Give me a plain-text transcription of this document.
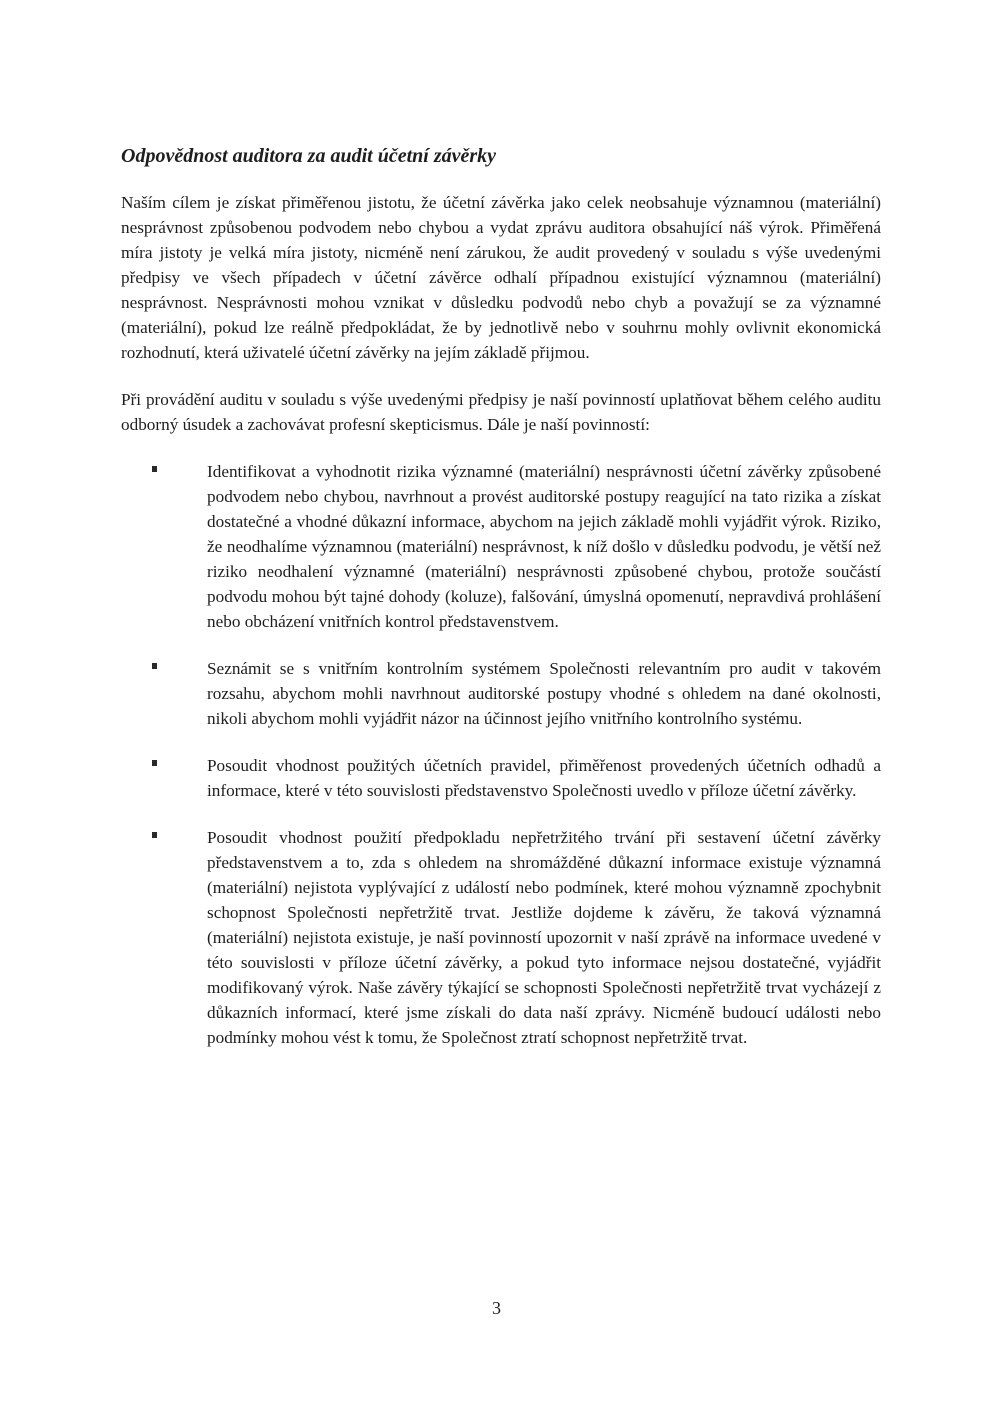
Odpovědnost auditora za audit účetní závěrky

Naším cílem je získat přiměřenou jistotu, že účetní závěrka jako celek neobsahuje významnou (materiální) nesprávnost způsobenou podvodem nebo chybou a vydat zprávu auditora obsahující náš výrok. Přiměřená míra jistoty je velká míra jistoty, nicméně není zárukou, že audit provedený v souladu s výše uvedenými předpisy ve všech případech v účetní závěrce odhalí případnou existující významnou (materiální) nesprávnost. Nesprávnosti mohou vznikat v důsledku podvodů nebo chyb a považují se za významné (materiální), pokud lze reálně předpokládat, že by jednotlivě nebo v souhrnu mohly ovlivnit ekonomická rozhodnutí, která uživatelé účetní závěrky na jejím základě přijmou.

Při provádění auditu v souladu s výše uvedenými předpisy je naší povinností uplatňovat během celého auditu odborný úsudek a zachovávat profesní skepticismus. Dále je naší povinností:

Identifikovat a vyhodnotit rizika významné (materiální) nesprávnosti účetní závěrky způsobené podvodem nebo chybou, navrhnout a provést auditorské postupy reagující na tato rizika a získat dostatečné a vhodné důkazní informace, abychom na jejich základě mohli vyjádřit výrok. Riziko, že neodhalíme významnou (materiální) nesprávnost, k níž došlo v důsledku podvodu, je větší než riziko neodhalení významné (materiální) nesprávnosti způsobené chybou, protože součástí podvodu mohou být tajné dohody (koluze), falšování, úmyslná opomenutí, nepravdivá prohlášení nebo obcházení vnitřních kontrol představenstvem.
Seznámit se s vnitřním kontrolním systémem Společnosti relevantním pro audit v takovém rozsahu, abychom mohli navrhnout auditorské postupy vhodné s ohledem na dané okolnosti, nikoli abychom mohli vyjádřit názor na účinnost jejího vnitřního kontrolního systému.
Posoudit vhodnost použitých účetních pravidel, přiměřenost provedených účetních odhadů a informace, které v této souvislosti představenstvo Společnosti uvedlo v příloze účetní závěrky.
Posoudit vhodnost použití předpokladu nepřetržitého trvání při sestavení účetní závěrky představenstvem a to, zda s ohledem na shromážděné důkazní informace existuje významná (materiální) nejistota vyplývající z událostí nebo podmínek, které mohou významně zpochybnit schopnost Společnosti nepřetržitě trvat. Jestliže dojdeme k závěru, že taková významná (materiální) nejistota existuje, je naší povinností upozornit v naší zprávě na informace uvedené v této souvislosti v příloze účetní závěrky, a pokud tyto informace nejsou dostatečné, vyjádřit modifikovaný výrok. Naše závěry týkající se schopnosti Společnosti nepřetržitě trvat vycházejí z důkazních informací, které jsme získali do data naší zprávy. Nicméně budoucí události nebo podmínky mohou vést k tomu, že Společnost ztratí schopnost nepřetržitě trvat.
3
